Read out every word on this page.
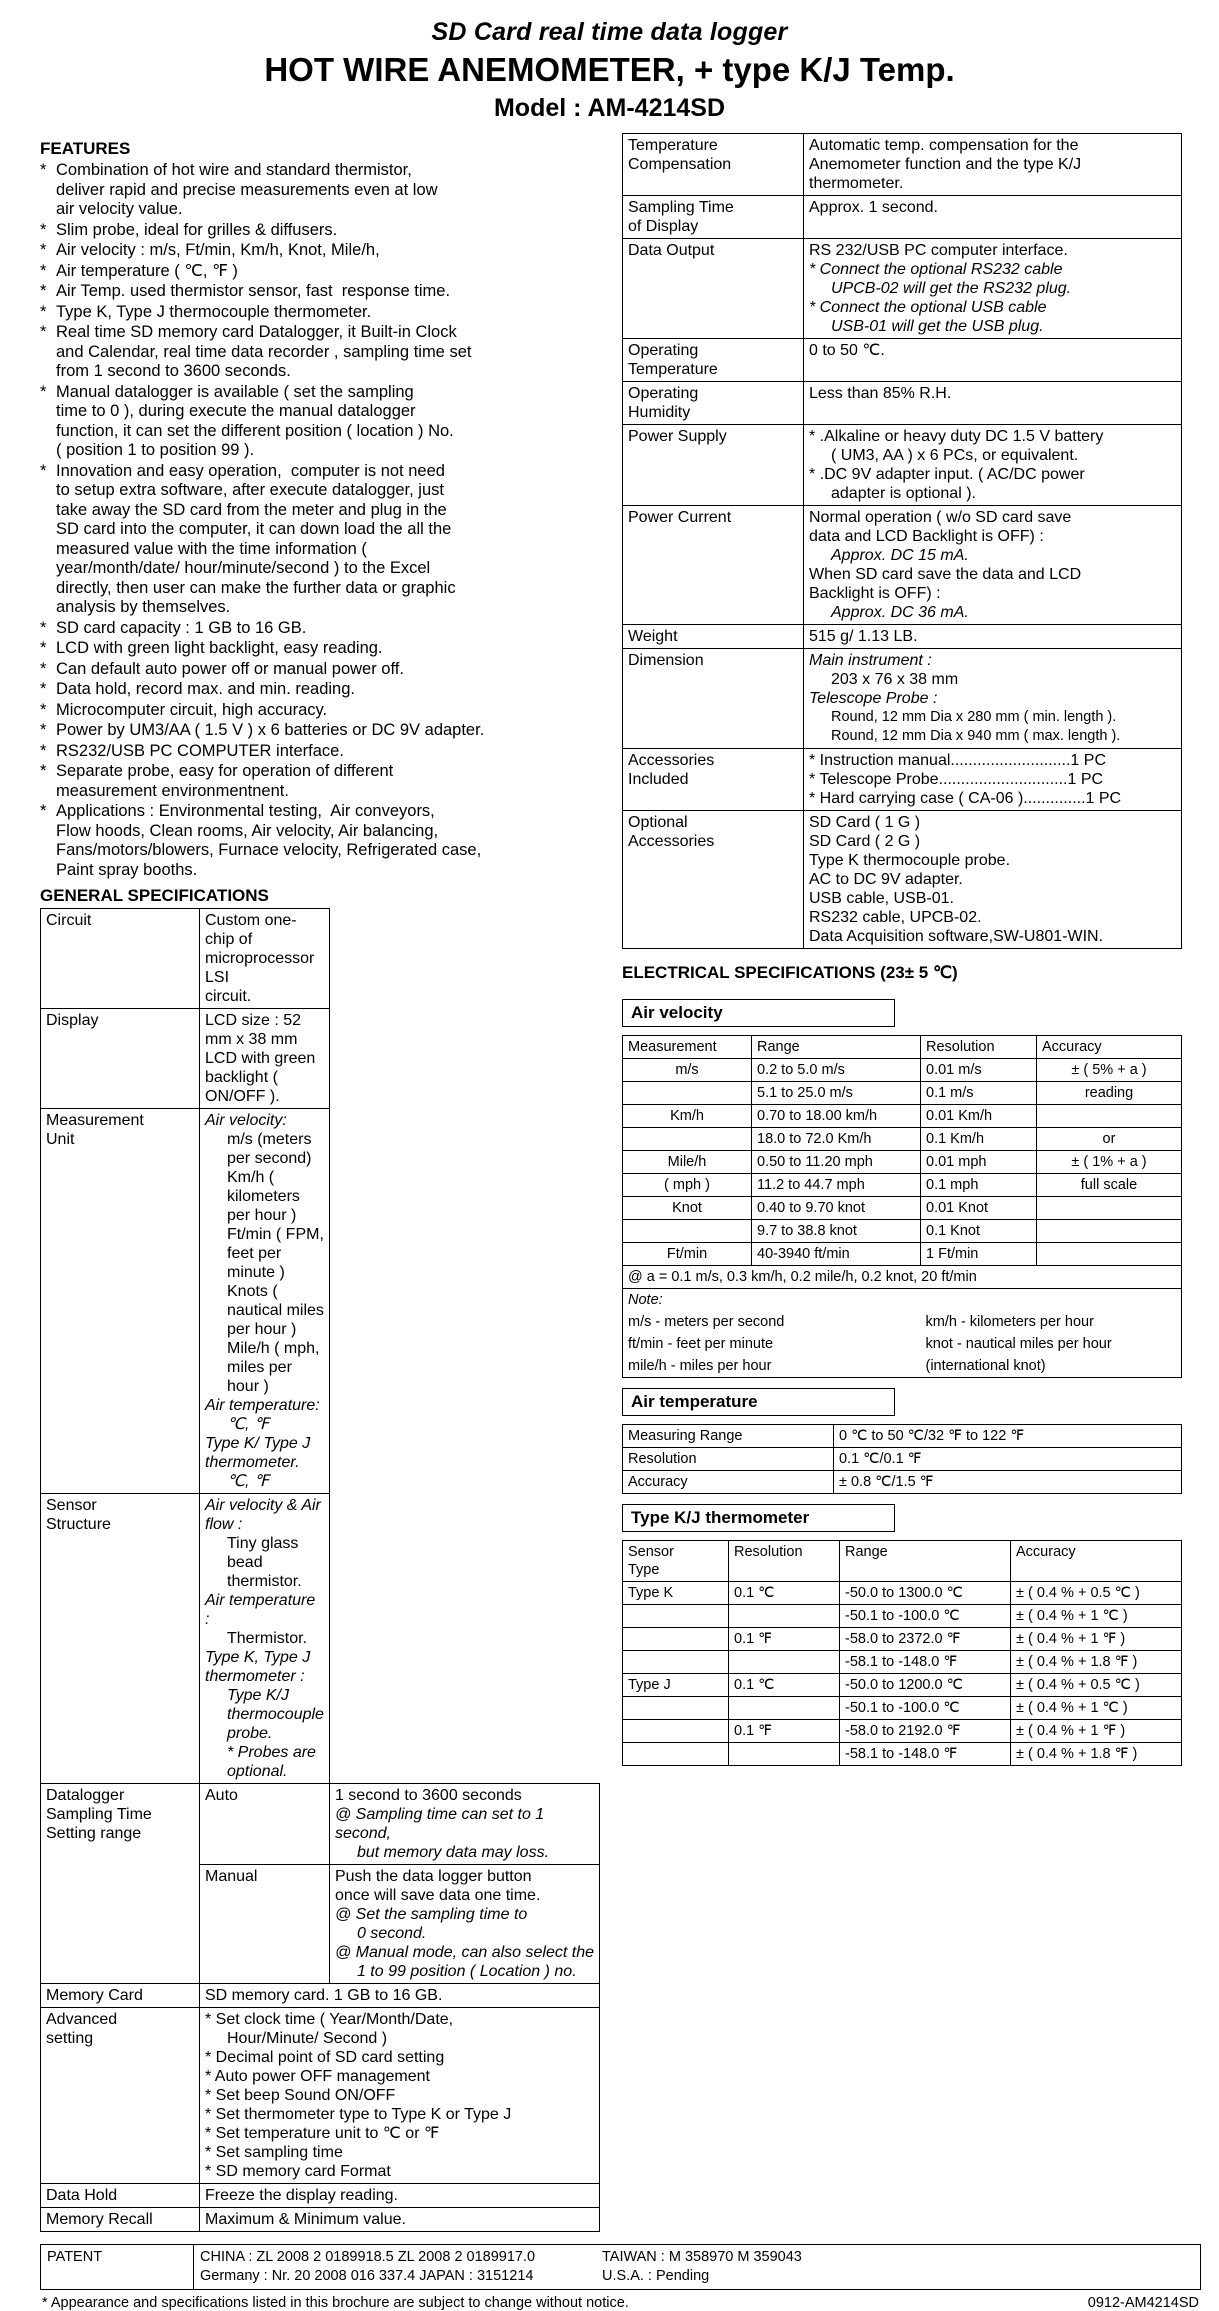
SD Card real time data logger
HOT WIRE ANEMOMETER, + type K/J Temp.
Model : AM-4214SD
FEATURES
* Combination of hot wire and standard thermistor,
deliver rapid and precise measurements even at low
air velocity value.
* Slim probe, ideal for grilles & diffusers.
* Air velocity : m/s, Ft/min, Km/h, Knot, Mile/h,
* Air temperature ( ℃, ℉ )
* Air Temp. used thermistor sensor, fast  response time.
* Type K, Type J thermocouple thermometer.
* Real time SD memory card Datalogger, it Built-in Clock
and Calendar, real time data recorder , sampling time set
from 1 second to 3600 seconds.
* Manual datalogger is available ( set the sampling
time to 0 ), during execute the manual datalogger
function, it can set the different position ( location ) No.
( position 1 to position 99 ).
* Innovation and easy operation,  computer is not need
to setup extra software, after execute datalogger, just
take away the SD card from the meter and plug in the
SD card into the computer, it can down load the all the
measured value with the time information (
year/month/date/ hour/minute/second ) to the Excel
directly, then user can make the further data or graphic
analysis by themselves.
* SD card capacity : 1 GB to 16 GB.
* LCD with green light backlight, easy reading.
* Can default auto power off or manual power off.
* Data hold, record max. and min. reading.
* Microcomputer circuit, high accuracy.
* Power by UM3/AA ( 1.5 V ) x 6 batteries or DC 9V adapter.
* RS232/USB PC COMPUTER interface.
* Separate probe, easy for operation of different
measurement environmentnent.
* Applications : Environmental testing,  Air conveyors,
Flow hoods, Clean rooms, Air velocity, Air balancing,
Fans/motors/blowers, Furnace velocity, Refrigerated case,
Paint spray booths.
GENERAL SPECIFICATIONS
Circuit	Custom one-chip of microprocessor LSI
circuit.	

Display	LCD size : 52 mm x 38 mm
LCD with green backlight ( ON/OFF ).	

Measurement
Unit

Air velocity:
m/s (meters per second)
Km/h ( kilometers per hour )
Ft/min ( FPM, feet per minute )
Knots ( nautical miles per hour )
Mile/h ( mph, miles per hour )
Air temperature:
℃, ℉
Type K/ Type J thermometer.
℃, ℉

Sensor
Structure

Air velocity & Air flow :
Tiny glass bead thermistor.
Air temperature :
Thermistor.
Type K, Type J thermometer :
Type K/J thermocouple probe.
* Probes are optional.

Datalogger
Sampling Time
Setting range
	Auto	1 second to 3600 seconds
@ Sampling time can set to 1 second,
but memory data may loss.

Manual	Push the data logger button
once will save data one time.
@ Set the sampling time to
0 second.
@ Manual mode, can also select the
1 to 99 position ( Location ) no.

Memory Card	SD memory card. 1 GB to 16 GB.	

Advanced
setting

* Set clock time ( Year/Month/Date,
Hour/Minute/ Second )
* Decimal point of SD card setting
* Auto power OFF management
* Set beep Sound ON/OFF
* Set thermometer type to Type K or Type J
* Set temperature unit to ℃ or ℉
* Set sampling time
* SD memory card Format

Data Hold	Freeze the display reading.	

Memory Recall	Maximum & Minimum value.	
Temperature
Compensation

Automatic temp. compensation for the
Anemometer function and the type K/J
thermometer.

Sampling Time
of Display	Approx. 1 second.

Data Output	RS 232/USB PC computer interface.
* Connect the optional RS232 cable
UPCB-02 will get the RS232 plug.
* Connect the optional USB cable
USB-01 will get the USB plug.

Operating
Temperature	0 to 50 ℃.

Operating
Humidity	Less than 85% R.H.

Power Supply	* .Alkaline or heavy duty DC 1.5 V battery
( UM3, AA ) x 6 PCs, or equivalent.
* .DC 9V adapter input. ( AC/DC power
adapter is optional ).

Power Current	Normal operation ( w/o SD card save
data and LCD Backlight is OFF) :
Approx. DC 15 mA.
When SD card save the data and LCD
Backlight is OFF) :
Approx. DC 36 mA.

Weight	515 g/ 1.13 LB.

Dimension	Main instrument :
203 x 76 x 38 mm
Telescope Probe :
Round, 12 mm Dia x 280 mm ( min. length ).
Round, 12 mm Dia x 940 mm ( max. length ).

Accessories
Included

* Instruction manual...........................1 PC
* Telescope Probe.............................1 PC
* Hard carrying case ( CA-06 )..............1 PC

Optional
Accessories

SD Card ( 1 G )
SD Card ( 2 G )
Type K thermocouple probe.
AC to DC 9V adapter.
USB cable, USB-01.
RS232 cable, UPCB-02.
Data Acquisition software,SW-U801-WIN.
ELECTRICAL SPECIFICATIONS (23± 5 ℃)
Air velocity
Measurement	Range	Resolution	Accuracy
m/s	0.2 to 5.0 m/s	0.01 m/s	± ( 5% + a )
	5.1 to 25.0 m/s	0.1 m/s	reading
Km/h	0.70 to 18.00 km/h	0.01 Km/h	
	18.0 to 72.0 Km/h	0.1 Km/h	or
Mile/h	0.50 to 11.20 mph	0.01 mph	± ( 1% + a )
( mph )	11.2 to 44.7 mph	0.1 mph	full scale
Knot	0.40 to 9.70 knot	0.01 Knot	
	9.7 to 38.8 knot	0.1 Knot	
Ft/min	40-3940 ft/min	1 Ft/min	
@ a = 0.1 m/s, 0.3 km/h, 0.2 mile/h, 0.2 knot, 20 ft/min			
Note:			
m/s - meters per second		km/h - kilometers per hour	
ft/min - feet per minute		knot - nautical miles per hour	
mile/h - miles per hour		(international knot)	
Air temperature
Measuring Range	0 ℃ to 50 ℃/32 ℉ to 122 ℉
Resolution	0.1 ℃/0.1 ℉
Accuracy	± 0.8 ℃/1.5 ℉
Type K/J thermometer
Sensor
Type	Resolution	Range	Accuracy
Type K	0.1 ℃	-50.0 to 1300.0 ℃	± ( 0.4 % + 0.5 ℃ )
		-50.1 to -100.0 ℃	± ( 0.4 % + 1 ℃ )
	0.1 ℉	-58.0 to 2372.0 ℉	± ( 0.4 % + 1 ℉ )
		-58.1 to -148.0 ℉	± ( 0.4 % + 1.8 ℉ )
Type J	0.1 ℃	-50.0 to 1200.0 ℃	± ( 0.4 % + 0.5 ℃ )
		-50.1 to -100.0 ℃	± ( 0.4 % + 1 ℃ )
	0.1 ℉	-58.0 to 2192.0 ℉	± ( 0.4 % + 1 ℉ )
		-58.1 to -148.0 ℉	± ( 0.4 % + 1.8 ℉ )
PATENT	CHINA : ZL 2008 2 0189918.5 ZL 2008 2 0189917.0
Germany : Nr. 20 2008 016 337.4 JAPAN : 3151214

TAIWAN : M 358970 M 359043
U.S.A. : Pending
* Appearance and specifications listed in this brochure are subject to change without notice.	0912-AM4214SD
